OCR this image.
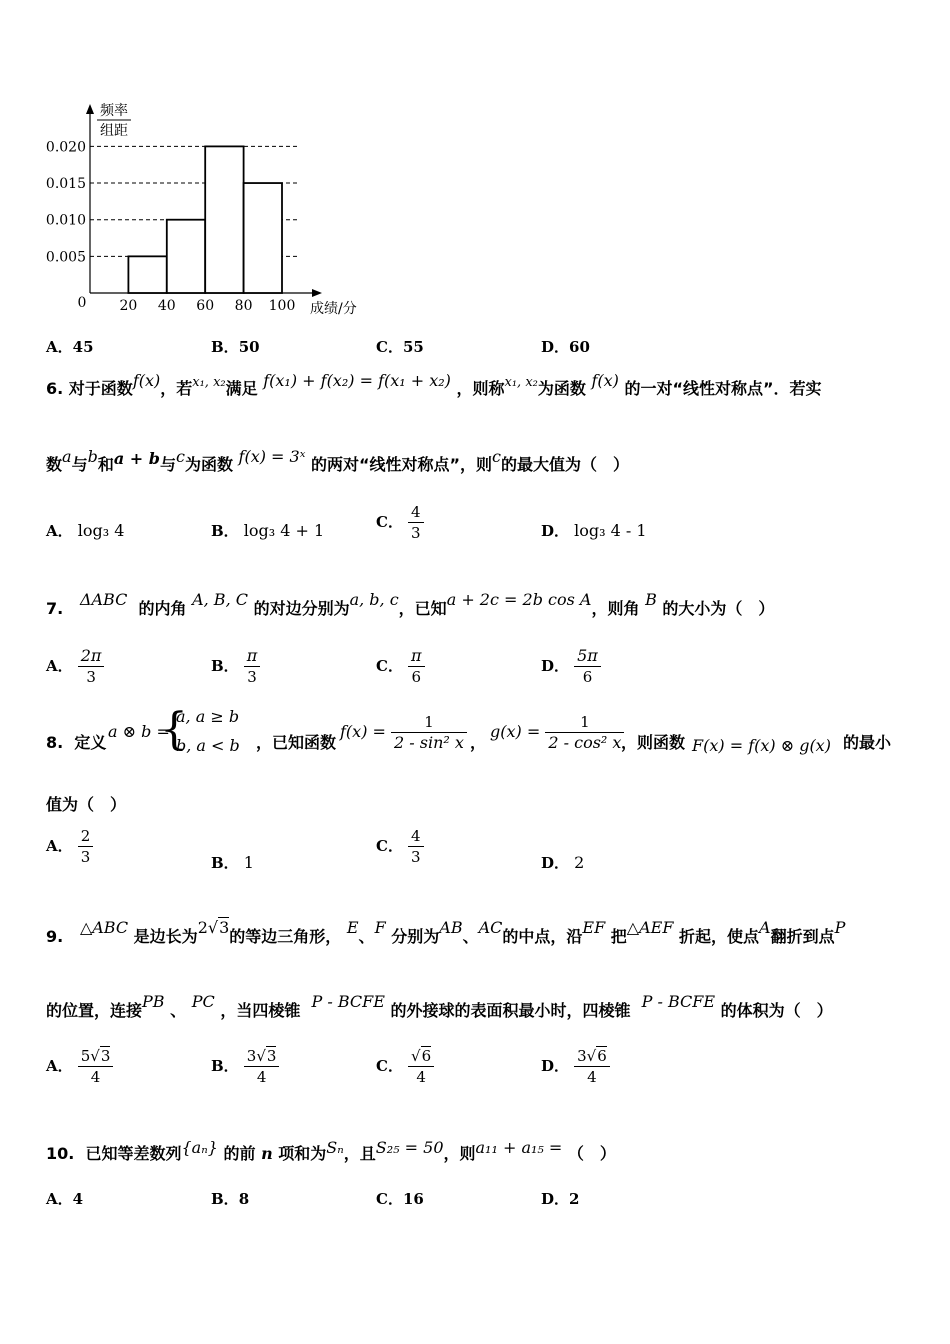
频率
组距
0.005
0.010
0.015
0.020
20 40 60 80 100
0	成绩/分
A．45	B．50	C．55	D．60
6. 对于函数f(x)，若$^{x_1, x_2}$满足 f(x₁) + f(x₂) = f(x₁ + x₂) ，则称$^{x_1, x_2}$为函数 f(x) 的一对“线性对称点”．若实
数a与b和a + b与c为函数 f(x) = 3ˣ 的两对“线性对称点”，则c的最大值为（　）
A． log₃ 4	B． log₃ 4 + 1	C． $\frac{4}{3}$	D． log₃ 4 - 1
7. ΔABC 的内角 A, B, C 的对边分别为a, b, c，已知a + 2c = 2b cos A，则角 B 的大小为（　）
A． $\frac{2\pi}{3}$	B． $\frac{\pi}{3}$	C． $\frac{\pi}{6}$	D． $\frac{5\pi}{6}$
8. 定义
a ⊗ b =
{
a, a ≥ b
b, a < b ，已知函数
$f(x) = \frac{1}{\text{2 - sin² x}}$ ，
$g(x) = \frac{1}{\text{2 - cos² x}}$
，则函数 F(x) = f(x) ⊗ g(x) 的最小
值为（　）
A． $\frac{2}{3}$	B． 1
C． $\frac{4}{3}$	D． 2
9. △ABC 是边长为2√3的等边三角形， E、F 分别为AB、AC的中点，沿EF 把△AEF 折起，使点A翻折到点P
的位置，连接PB 、 PC ，当四棱锥 P - BCFE 的外接球的表面积最小时，四棱锥 P - BCFE 的体积为（　）
A． $\frac{5√3}{4}$	B． $\frac{3√3}{4}$	C． $\frac{√6}{4}$	D． $\frac{3√6}{4}$
10. 已知等差数列{aₙ} 的前 n 项和为Sₙ，且S₂₅ = 50，则a₁₁ + a₁₅ = （　）
A．4	B．8	C．16	D．2
